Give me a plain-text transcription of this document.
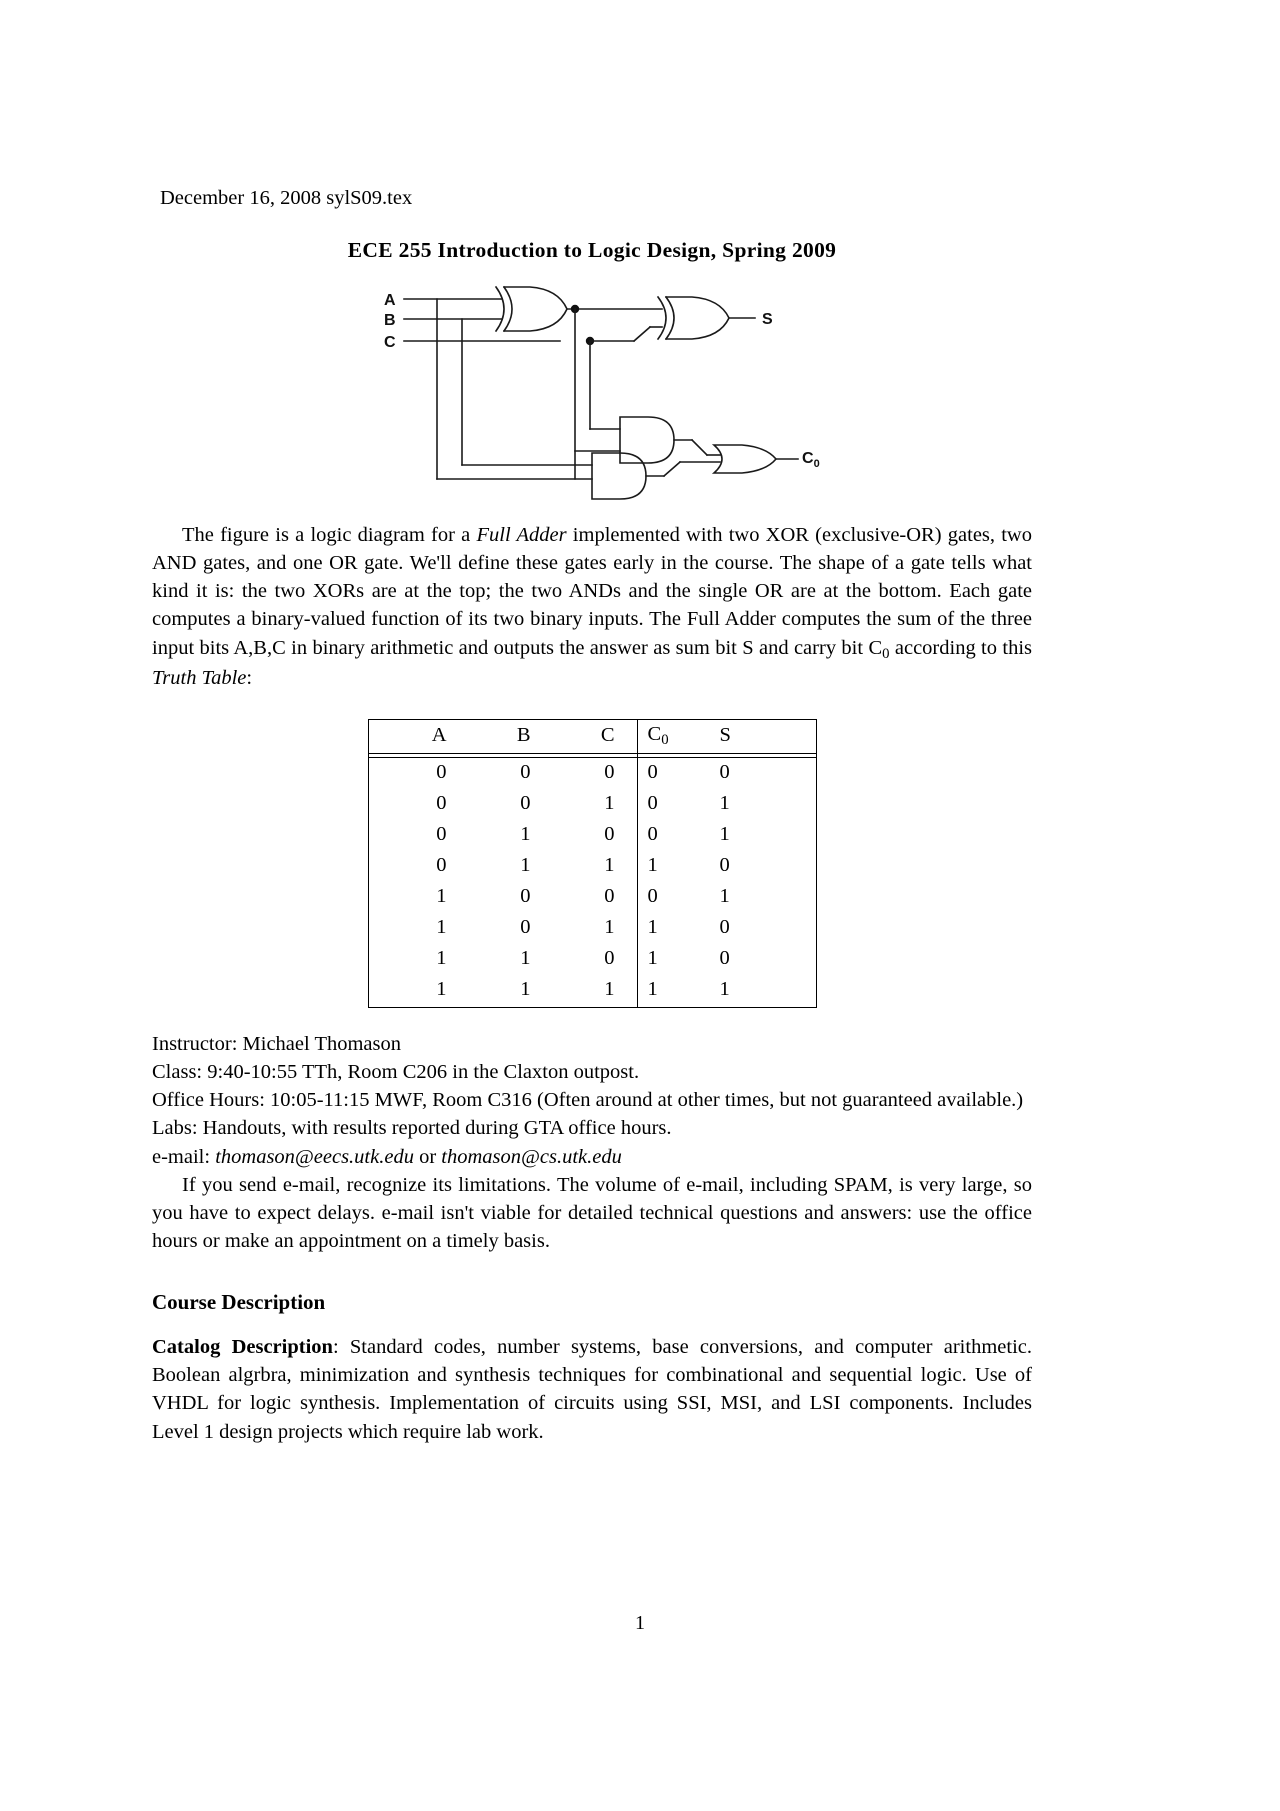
December 16, 2008 sylS09.tex
ECE 255 Introduction to Logic Design, Spring 2009
A
B
C
S
$C_0$

The figure is a logic diagram for a Full Adder implemented with two XOR (exclusive-OR) gates, two AND gates, and one OR gate. We'll define these gates early in the course. The shape of a gate tells what kind it is: the two XORs are at the top; the two ANDs and the single OR are at the bottom. Each gate computes a binary-valued function of its two binary inputs. The Full Adder computes the sum of the three input bits A,B,C in binary arithmetic and outputs the answer as sum bit S and carry bit $C_0$ according to this Truth Table:

A	B	C	$C_0$	S

0	0	0	0	0
0	0	1	0	1
0	1	0	0	1
0	1	1	1	0
1	0	0	0	1
1	0	1	1	0
1	1	0	1	0
1	1	1	1	1

Instructor: Michael Thomason

Class: 9:40-10:55 TTh, Room C206 in the Claxton outpost.

Office Hours: 10:05-11:15 MWF, Room C316 (Often around at other times, but not guaranteed available.)

Labs: Handouts, with results reported during GTA office hours.

e-mail: thomason@eecs.utk.edu or thomason@cs.utk.edu

If you send e-mail, recognize its limitations. The volume of e-mail, including SPAM, is very large, so you have to expect delays. e-mail isn't viable for detailed technical questions and answers: use the office hours or make an appointment on a timely basis.

Course Description

Catalog Description: Standard codes, number systems, base conversions, and computer arithmetic. Boolean algrbra, minimization and synthesis techniques for combinational and sequential logic. Use of VHDL for logic synthesis. Implementation of circuits using SSI, MSI, and LSI components. Includes Level 1 design projects which require lab work.

1
